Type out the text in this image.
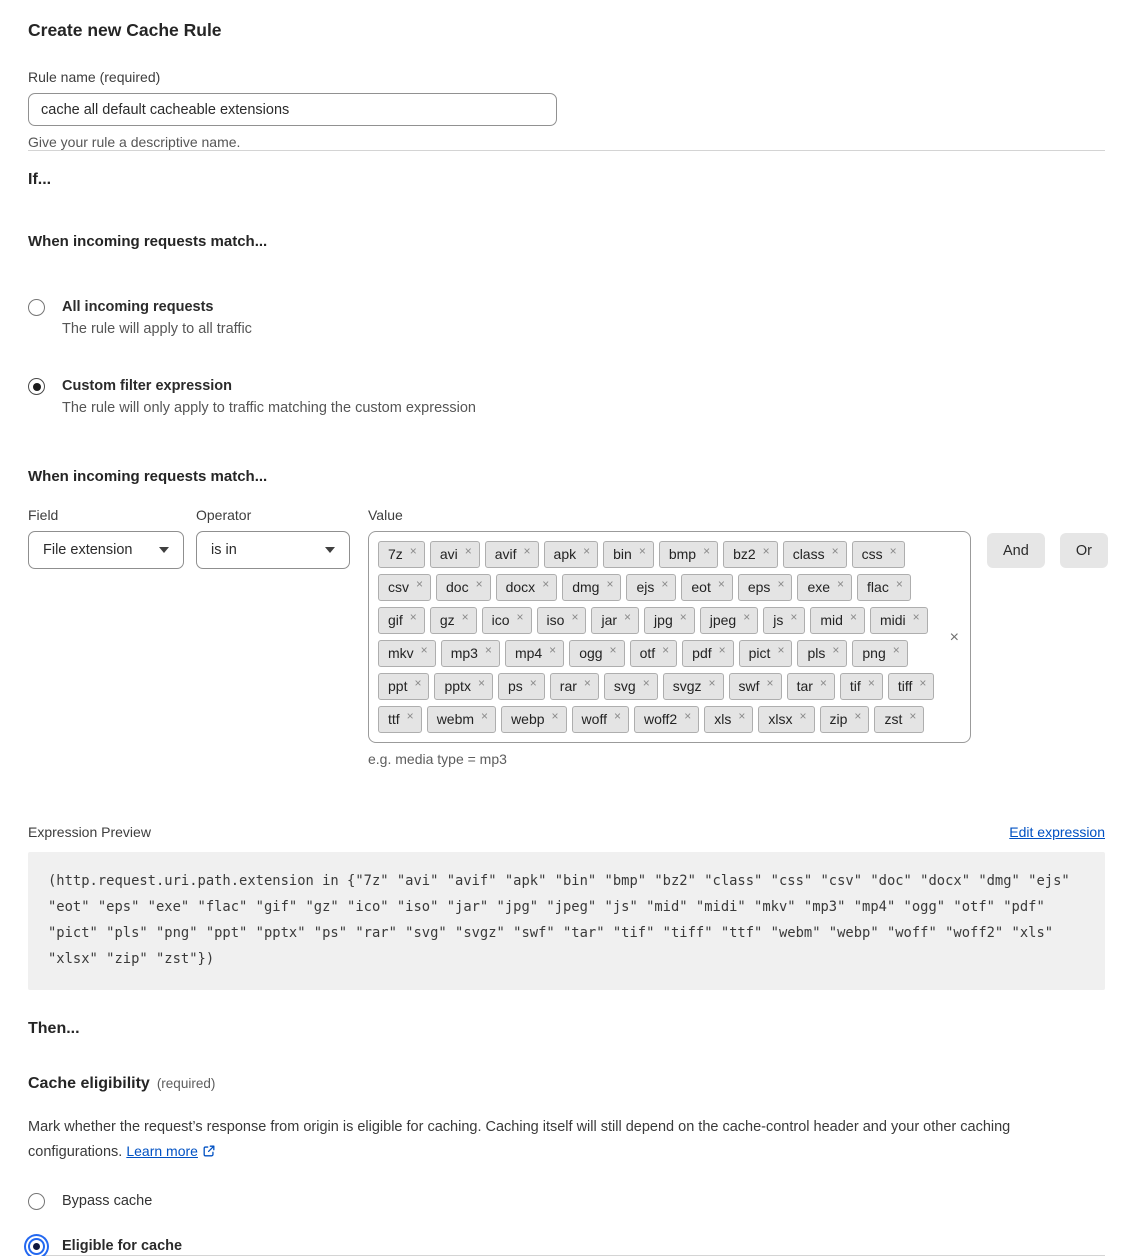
Create new Cache Rule
Rule name (required)
cache all default cacheable extensions
Give your rule a descriptive name.
If...
When incoming requests match...
All incoming requests
The rule will apply to all traffic
Custom filter expression
The rule will only apply to traffic matching the custom expression
When incoming requests match...
Field
File extension
Operator
is in
Value
7z × avi × avif × apk × bin × bmp × bz2 × class × css ×
csv × doc × docx × dmg × ejs × eot × eps × exe × flac ×
gif × gz × ico × iso × jar × jpg × jpeg × js × mid × midi ×
mkv × mp3 × mp4 × ogg × otf × pdf × pict × pls × png ×
ppt × pptx × ps × rar × svg × svgz × swf × tar × tif × tiff ×
ttf × webm × webp × woff × woff2 × xls × xlsx × zip × zst ×
×
e.g. media type = mp3
And	Or
Expression Preview	Edit expression
(http.request.uri.path.extension in {"7z" "avi" "avif" "apk" "bin" "bmp" "bz2" "class" "css" "csv" "doc" "docx" "dmg" "ejs" "eot" "eps" "exe" "flac" "gif" "gz" "ico" "iso" "jar" "jpg" "jpeg" "js" "mid" "midi" "mkv" "mp3" "mp4" "ogg" "otf" "pdf" "pict" "pls" "png" "ppt" "pptx" "ps" "rar" "svg" "svgz" "swf" "tar" "tif" "tiff" "ttf" "webm" "webp" "woff" "woff2" "xls" "xlsx" "zip" "zst"})
Then...
Cache eligibility (required)

Mark whether the request’s response from origin is eligible for caching. Caching itself will still depend on the cache-control header and your other caching configurations. Learn more

Bypass cache
Eligible for cache
